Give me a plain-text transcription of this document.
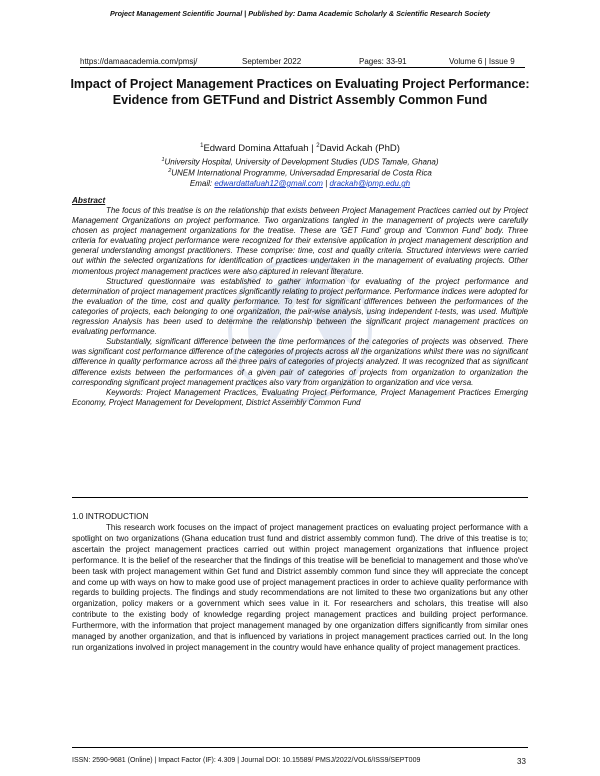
Project Management Scientific Journal | Published by: Dama Academic Scholarly & Scientific Research Society
https://damaacademia.com/pmsj/	September 2022	Pages: 33-91	Volume 6 | Issue 9
Impact of Project Management Practices on Evaluating Project Performance: Evidence from GETFund and District Assembly Common Fund
$^1$Edward Domina Attafuah | $^2$David Ackah (PhD)
$^1$University Hospital, University of Development Studies (UDS Tamale, Ghana)
$^2$UNEM International Programme, Universadad Empresarial de Costa Rica
Email: edwardattafuah12@gmail.com | drackah@ipmp.edu.gh
Abstract

The focus of this treatise is on the relationship that exists between Project Management Practices carried out by Project Management Organizations on project performance. Two organizations tangled in the management of projects were carefully chosen as project management organizations for the treatise. These are 'GET Fund' group and 'Common Fund' body. Three criteria for evaluating project performance were recognized for their extensive application in project management description and general understanding amongst practitioners. These comprise: time, cost and quality criteria. Structured interviews were carried out within the selected organizations for identification of practices undertaken in the management of evaluating projects. Other momentous project management practices were also captured in relevant literature.

Structured questionnaire was established to gather information for evaluating of the project performance and determination of project management practices significantly relating to project performance. Performance indices were adopted for the evaluation of the time, cost and quality performance. To test for significant differences between the performances of the categories of projects, each belonging to one organization, the pair-wise analysis, using independent t-tests, was used. Multiple regression Analysis has been used to determine the relationship between the significant project management practices on evaluating performance.

Substantially, significant difference between the time performances of the categories of projects was observed. There was significant cost performance difference of the categories of projects across all the organizations whilst there was no significant difference in quality performance across all the three pairs of categories of projects analyzed. It was recognized that as significant difference exists between the performances of a given pair of categories of projects from organization to organization the corresponding significant project management practices also vary from organization to organization and vice versa.

Keywords: Project Management Practices, Evaluating Project Performance, Project Management Practices Emerging Economy, Project Management for Development, District Assembly Common Fund

1.0 INTRODUCTION

This research work focuses on the impact of project management practices on evaluating project performance with a spotlight on two organizations (Ghana education trust fund and district assembly common fund). The drive of this treatise is to; ascertain the project management practices carried out within project management organizations that influence project performance. It is the belief of the researcher that the findings of this treatise will be beneficial to management and those who've been task with project management within Get fund and District assembly common fund since they will appreciate the concept and come up with ways on how to make good use of project management practices in order to achieve quality performance with regards to building projects. The findings and study recommendations are not limited to these two organizations but any other organization, policy makers or a government which sees value in it. For researchers and scholars, this treatise will also contribute to the existing body of knowledge regarding project management practices and building project performance. Furthermore, with the information that project management managed by one organization differs significantly from similar ones managed by another organization, and that is influenced by variations in project management practices carried out. In the long run organizations involved in project management in the country would have enhance quality of project management practices.

ISSN: 2590-9681 (Online) | Impact Factor (IF): 4.309 | Journal DOI: 10.15589/ PMSJ/2022/VOL6/ISS9/SEPT009	33
